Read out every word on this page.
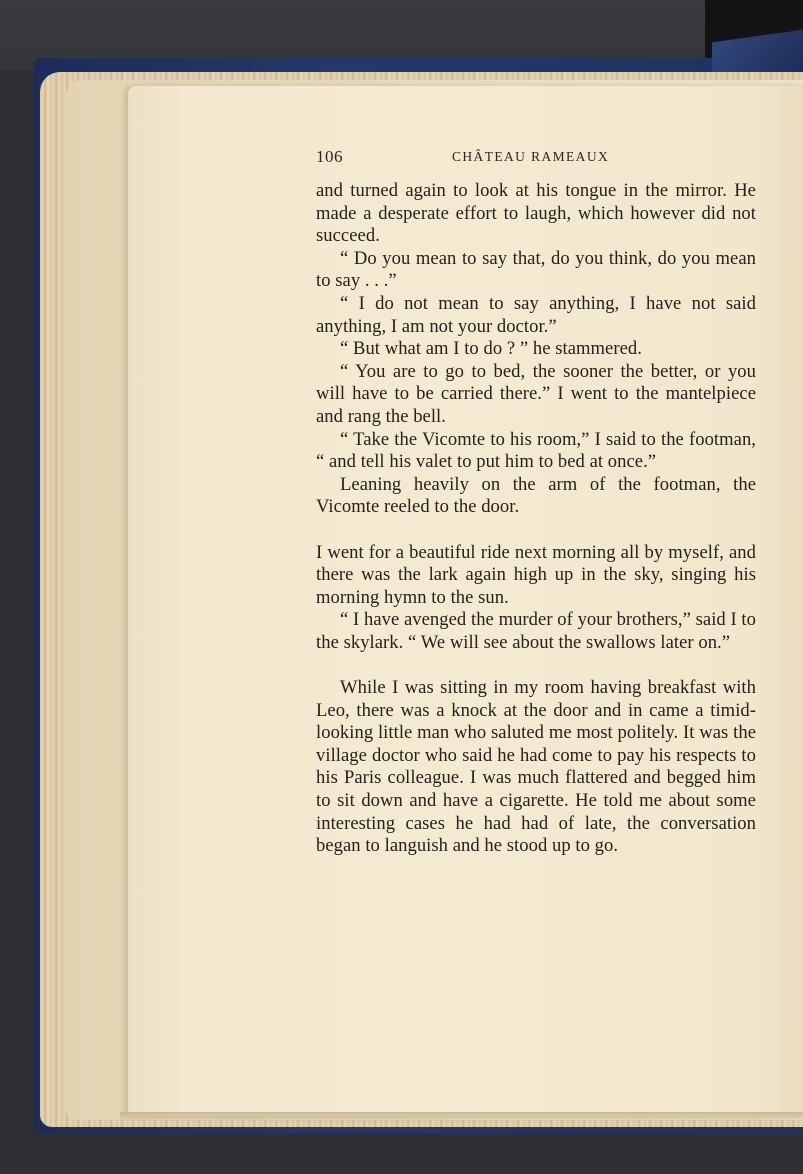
106	CHÂTEAU RAMEAUX

and turned again to look at his tongue in the mirror. He made a desperate effort to laugh, which however did not succeed.

“ Do you mean to say that, do you think, do you mean to say . . .”

“ I do not mean to say anything, I have not said anything, I am not your doctor.”

“ But what am I to do ? ” he stammered.

“ You are to go to bed, the sooner the better, or you will have to be carried there.” I went to the mantelpiece and rang the bell.

“ Take the Vicomte to his room,” I said to the footman, “ and tell his valet to put him to bed at once.”

Leaning heavily on the arm of the footman, the Vicomte reeled to the door.

I went for a beautiful ride next morning all by myself, and there was the lark again high up in the sky, singing his morning hymn to the sun.

“ I have avenged the murder of your brothers,” said I to the skylark. “ We will see about the swallows later on.”

While I was sitting in my room having breakfast with Leo, there was a knock at the door and in came a timid-looking little man who saluted me most politely. It was the village doctor who said he had come to pay his respects to his Paris colleague. I was much flattered and begged him to sit down and have a cigarette. He told me about some interesting cases he had had of late, the conversation began to languish and he stood up to go.
